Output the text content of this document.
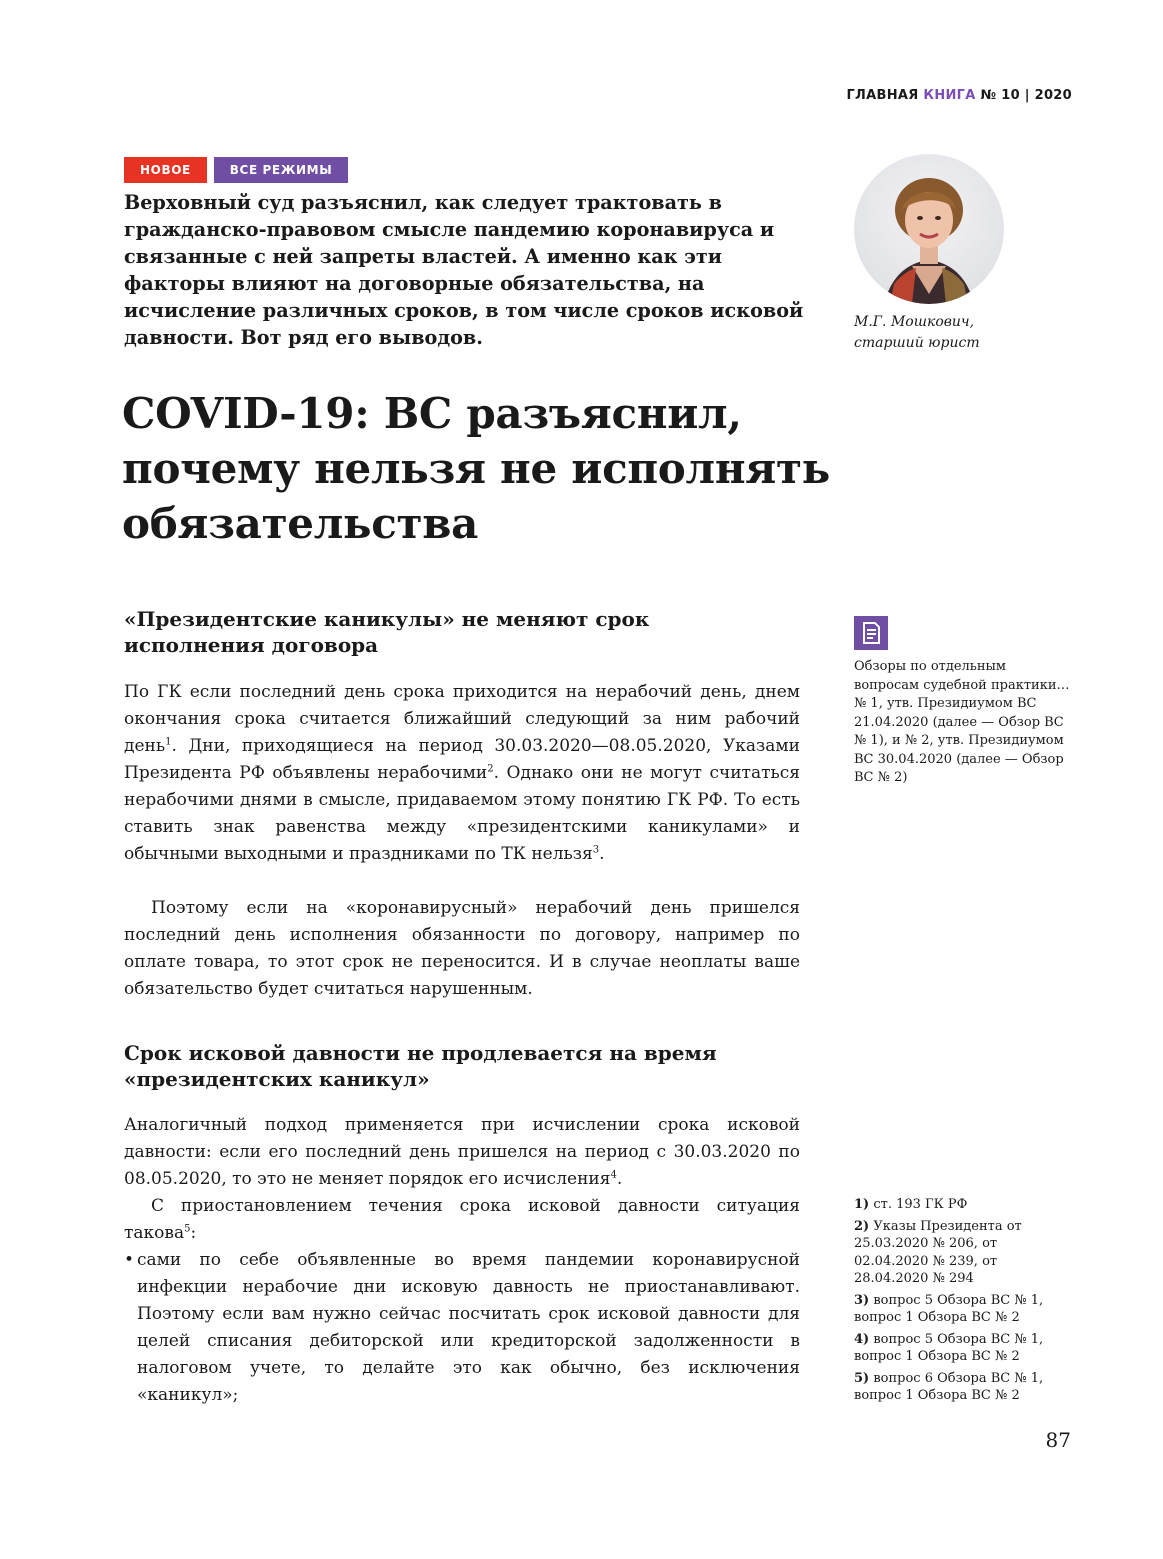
ГЛАВНАЯ КНИГА № 10 | 2020
НОВОЕ	ВСЕ РЕЖИМЫ

Верховный суд разъяснил, как следует трактовать в гражданско-правовом смысле пандемию коронавируса и связанные с ней запреты властей. А именно как эти факторы влияют на договорные обязательства, на исчисление различных сроков, в том числе сроков исковой давности. Вот ряд его выводов.

М.Г. Мошкович,
старший юрист
COVID-19: ВС разъяснил, почему нельзя не исполнять обязательства
«Президентские каникулы» не меняют срок исполнения договора

По ГК если последний день срока приходится на нерабочий день, днем окончания срока считается ближайший следующий за ним рабочий день$^1$. Дни, приходящиеся на период 30.03.2020—08.05.2020, Указами Президента РФ объявлены нерабочими$^2$. Однако они не могут считаться нерабочими днями в смысле, придаваемом этому понятию ГК РФ. То есть ставить знак равенства между «президентскими каникулами» и обычными выходными и праздниками по ТК нельзя$^3$.

Поэтому если на «коронавирусный» нерабочий день пришелся последний день исполнения обязанности по договору, например по оплате товара, то этот срок не переносится. И в случае неоплаты ваше обязательство будет считаться нарушенным.

Срок исковой давности не продлевается на время «президентских каникул»

Аналогичный подход применяется при исчислении срока исковой давности: если его последний день пришелся на период с 30.03.2020 по 08.05.2020, то это не меняет порядок его исчисления$^4$.

С приостановлением течения срока исковой давности ситуация такова$^5$:

• сами по себе объявленные во время пандемии коронавирусной инфекции нерабочие дни исковую давность не приостанавливают. Поэтому если вам нужно сейчас посчитать срок исковой давности для целей списания дебиторской или кредиторской задолженности в налоговом учете, то делайте это как обычно, без исключения «каникул»;

Обзоры по отдельным вопросам судебной практики… № 1, утв. Президиумом ВС 21.04.2020 (далее — Обзор ВС № 1), и № 2, утв. Президиумом ВС 30.04.2020 (далее — Обзор ВС № 2)

1) ст. 193 ГК РФ
2) Указы Президента от 25.03.2020 № 206, от 02.04.2020 № 239, от 28.04.2020 № 294
3) вопрос 5 Обзора ВС № 1, вопрос 1 Обзора ВС № 2
4) вопрос 5 Обзора ВС № 1, вопрос 1 Обзора ВС № 2
5) вопрос 6 Обзора ВС № 1, вопрос 1 Обзора ВС № 2
87
